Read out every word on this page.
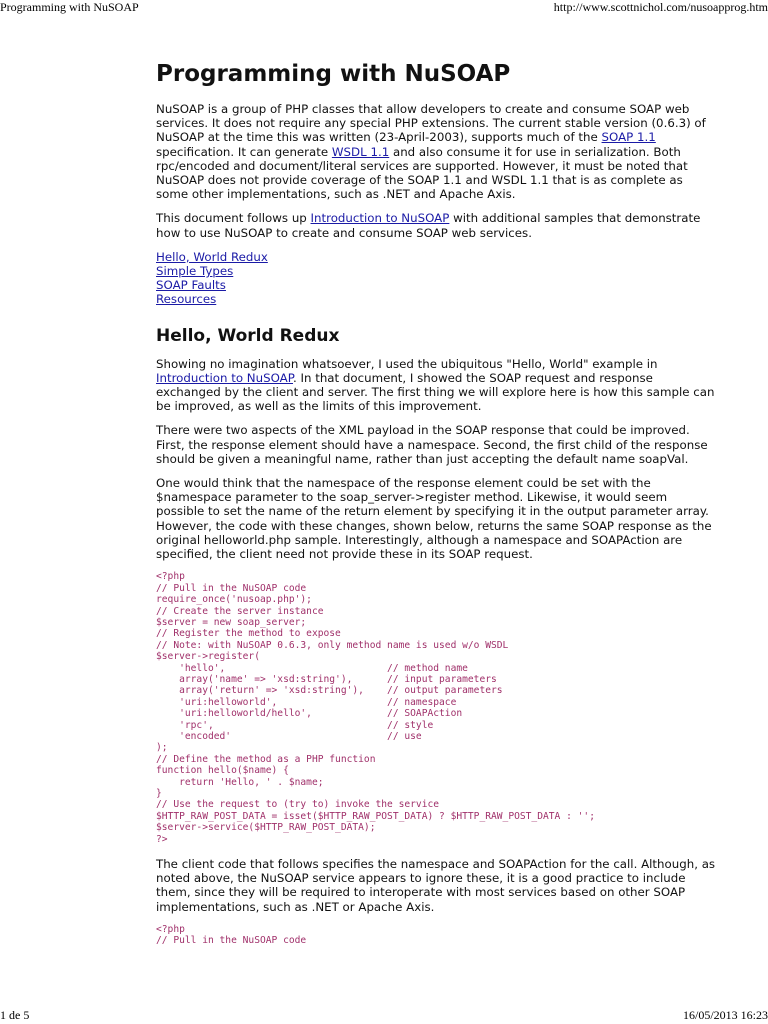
Programming with NuSOAP	http://www.scottnichol.com/nusoapprog.htm
Programming with NuSOAP

NuSOAP is a group of PHP classes that allow developers to create and consume SOAP web services. It does not require any special PHP extensions. The current stable version (0.6.3) of NuSOAP at the time this was written (23-April-2003), supports much of the SOAP 1.1 specification. It can generate WSDL 1.1 and also consume it for use in serialization. Both rpc/encoded and document/literal services are supported. However, it must be noted that NuSOAP does not provide coverage of the SOAP 1.1 and WSDL 1.1 that is as complete as some other implementations, such as .NET and Apache Axis.

This document follows up Introduction to NuSOAP with additional samples that demonstrate how to use NuSOAP to create and consume SOAP web services.

Hello, World Redux
Simple Types
SOAP Faults
Resources
Hello, World Redux

Showing no imagination whatsoever, I used the ubiquitous "Hello, World" example in Introduction to NuSOAP. In that document, I showed the SOAP request and response exchanged by the client and server. The first thing we will explore here is how this sample can be improved, as well as the limits of this improvement.

There were two aspects of the XML payload in the SOAP response that could be improved. First, the response element should have a namespace. Second, the first child of the response should be given a meaningful name, rather than just accepting the default name soapVal.

One would think that the namespace of the response element could be set with the $namespace parameter to the soap_server->register method. Likewise, it would seem possible to set the name of the return element by specifying it in the output parameter array. However, the code with these changes, shown below, returns the same SOAP response as the original helloworld.php sample. Interestingly, although a namespace and SOAPAction are specified, the client need not provide these in its SOAP request.

<?php
// Pull in the NuSOAP code
require_once('nusoap.php');
// Create the server instance
$server = new soap_server;
// Register the method to expose
// Note: with NuSOAP 0.6.3, only method name is used w/o WSDL
$server->register(
'hello',                            // method name
array('name' => 'xsd:string'),      // input parameters
array('return' => 'xsd:string'),    // output parameters
'uri:helloworld',                   // namespace
'uri:helloworld/hello',             // SOAPAction
'rpc',                              // style
'encoded'                           // use
);
// Define the method as a PHP function
function hello($name) {
return 'Hello, ' . $name;
}
// Use the request to (try to) invoke the service
$HTTP_RAW_POST_DATA = isset($HTTP_RAW_POST_DATA) ? $HTTP_RAW_POST_DATA : '';
$server->service($HTTP_RAW_POST_DATA);
?>

The client code that follows specifies the namespace and SOAPAction for the call. Although, as noted above, the NuSOAP service appears to ignore these, it is a good practice to include them, since they will be required to interoperate with most services based on other SOAP implementations, such as .NET or Apache Axis.

<?php
// Pull in the NuSOAP code
1 de 5	16/05/2013 16:23
